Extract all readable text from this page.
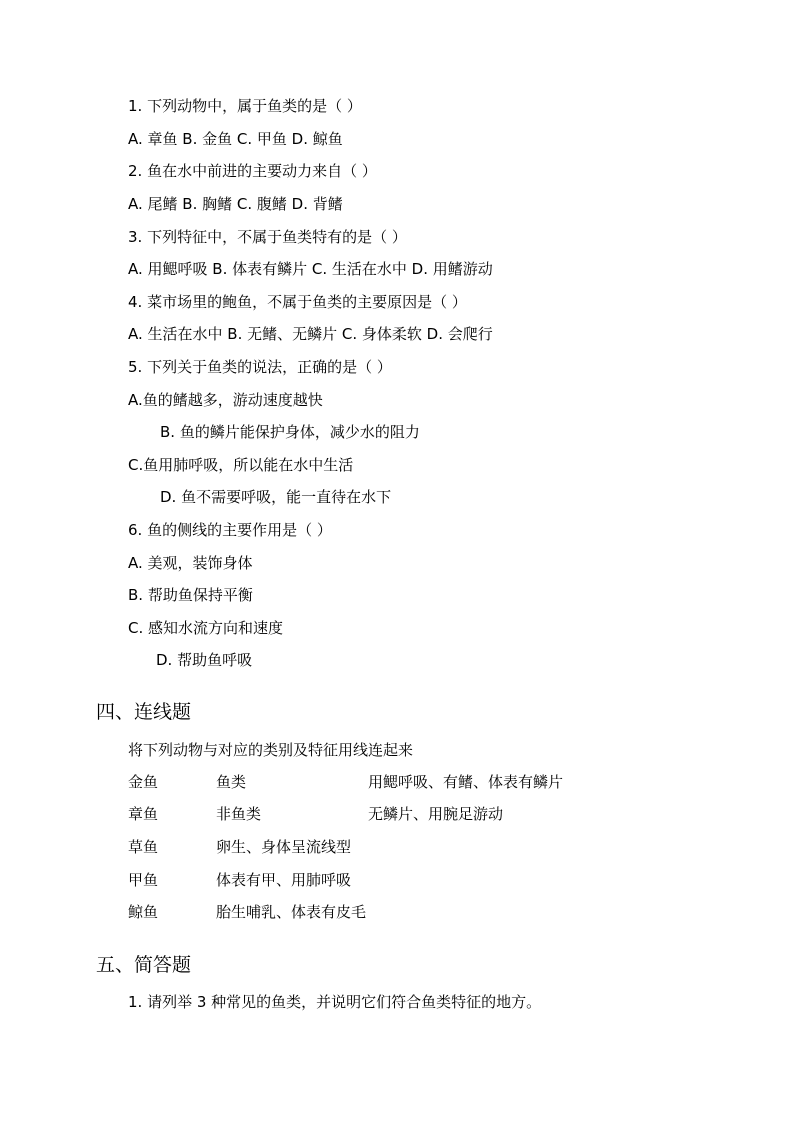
1. 下列动物中，属于鱼类的是（ ）
A. 章鱼 B. 金鱼 C. 甲鱼 D. 鲸鱼
2. 鱼在水中前进的主要动力来自（ ）
A. 尾鳍 B. 胸鳍 C. 腹鳍 D. 背鳍
3. 下列特征中，不属于鱼类特有的是（ ）
A. 用鳃呼吸 B. 体表有鳞片 C. 生活在水中 D. 用鳍游动
4. 菜市场里的鲍鱼，不属于鱼类的主要原因是（ ）
A. 生活在水中 B. 无鳍、无鳞片 C. 身体柔软 D. 会爬行
5. 下列关于鱼类的说法，正确的是（ ）
A.鱼的鳍越多，游动速度越快
B. 鱼的鳞片能保护身体，减少水的阻力
C.鱼用肺呼吸，所以能在水中生活
D. 鱼不需要呼吸，能一直待在水下
6. 鱼的侧线的主要作用是（ ）
A. 美观，装饰身体
B. 帮助鱼保持平衡
C. 感知水流方向和速度
D. 帮助鱼呼吸
四、连线题
将下列动物与对应的类别及特征用线连起来
金鱼
章鱼
草鱼
甲鱼
鲸鱼
鱼类
非鱼类
卵生、身体呈流线型
体表有甲、用肺呼吸
胎生哺乳、体表有皮毛
用鳃呼吸、有鳍、体表有鳞片
无鳞片、用腕足游动
五、简答题
1. 请列举 3 种常见的鱼类，并说明它们符合鱼类特征的地方。
